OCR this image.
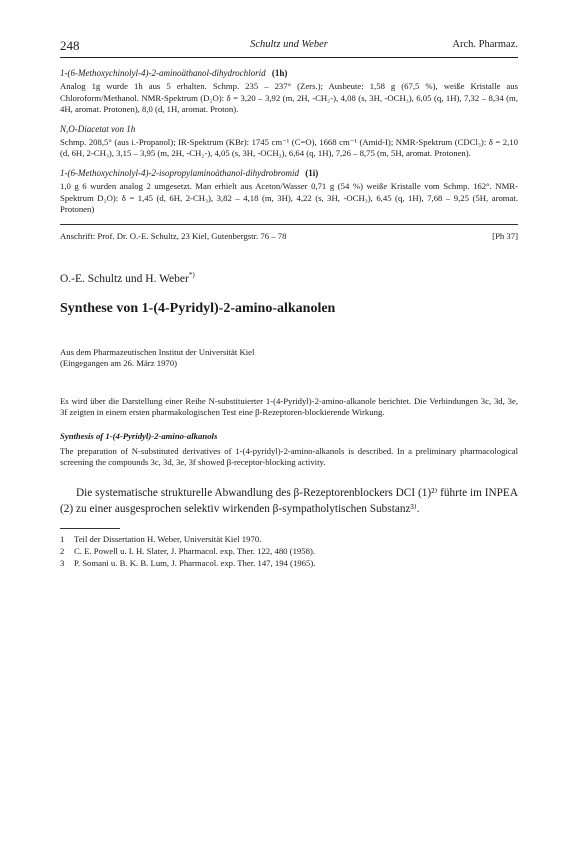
248	Schultz und Weber	Arch. Pharmaz.
1-(6-Methoxychinolyl-4)-2-aminoäthanol-dihydrochlorid (1h)

Analog 1g wurde 1h aus 5 erhalten. Schmp. 235 – 237° (Zers.); Ausbeute: 1,58 g (67,5 %), weiße Kristalle aus Chloroform/Methanol. NMR-Spektrum (D₂O): δ = 3,20 – 3,92 (m, 2H, -CH₂-), 4,08 (s, 3H, -OCH₃), 6,05 (q, 1H), 7,32 – 8,34 (m, 4H, aromat. Protonen), 8,0 (d, 1H, aromat. Proton).

N,O-Diacetat von 1h

Schmp. 208,5° (aus i.-Propanol); IR-Spektrum (KBr): 1745 cm⁻¹ (C=O), 1668 cm⁻¹ (Amid-I); NMR-Spektrum (CDCl₃): δ = 2,10 (d, 6H, 2-CH₃), 3,15 – 3,95 (m, 2H, -CH₂-), 4,05 (s, 3H, -OCH₃), 6,64 (q, 1H), 7,26 – 8,75 (m, 5H, aromat. Protonen).

1-(6-Methoxychinolyl-4)-2-isopropylaminoäthanol-dihydrobromid (1i)

1,0 g 6 wurden analog 2 umgesetzt. Man erhielt aus Aceton/Wasser 0,71 g (54 %) weiße Kristalle vom Schmp. 162°. NMR-Spektrum D₂O): δ = 1,45 (d, 6H, 2-CH₃), 3,82 – 4,18 (m, 3H), 4,22 (s, 3H, -OCH₃), 6,45 (q, 1H), 7,68 – 9,25 (5H, aromat. Protonen)

Anschrift: Prof. Dr. O.-E. Schultz, 23 Kiel, Gutenbergstr. 76 – 78	[Ph 37]
O.-E. Schultz und H. Weber*)
Synthese von 1-(4-Pyridyl)-2-amino-alkanolen
Aus dem Pharmazeutischen Institut der Universität Kiel
(Eingegangen am 26. März 1970)

Es wird über die Darstellung einer Reihe N-substituierter 1-(4-Pyridyl)-2-amino-alkanole berichtet. Die Verbindungen 3c, 3d, 3e, 3f zeigten in einem ersten pharmakologischen Test eine β-Rezeptoren-blockierende Wirkung.

Synthesis of 1-(4-Pyridyl)-2-amino-alkanols

The preparation of N-substituted derivatives of 1-(4-pyridyl)-2-amino-alkanols is described. In a preliminary pharmacological screening the compounds 3c, 3d, 3e, 3f showed β-receptor-blocking activity.

Die systematische strukturelle Abwandlung des β-Rezeptorenblockers DCI (1)²⁾ führte im INPEA (2) zu einer ausgesprochen selektiv wirkenden β-sympatholytischen Substanz³⁾.

1 Teil der Dissertation H. Weber, Universität Kiel 1970.
2 C. E. Powell u. I. H. Slater, J. Pharmacol. exp. Ther. 122, 480 (1958).
3 P. Somani u. B. K. B. Lum, J. Pharmacol. exp. Ther. 147, 194 (1965).
